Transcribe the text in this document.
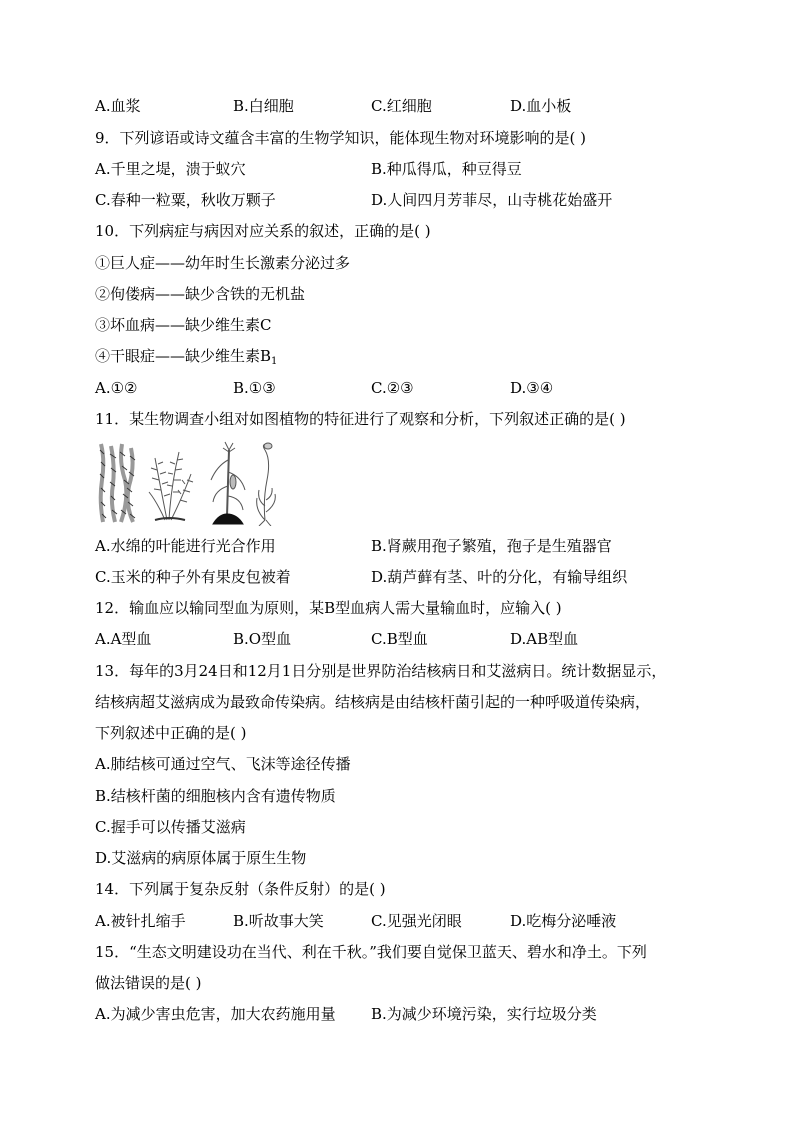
A.血浆	B.白细胞	C.红细胞	D.血小板
9．下列谚语或诗文蕴含丰富的生物学知识，能体现生物对环境影响的是( )
A.千里之堤，溃于蚁穴	B.种瓜得瓜，种豆得豆
C.春种一粒粟，秋收万颗子	D.人间四月芳菲尽，山寺桃花始盛开
10．下列病症与病因对应关系的叙述，正确的是( )
①巨人症——幼年时生长激素分泌过多
②佝偻病——缺少含铁的无机盐
③坏血病——缺少维生素C
④干眼症——缺少维生素$B_1$
A.①②	B.①③	C.②③	D.③④
11．某生物调查小组对如图植物的特征进行了观察和分析，下列叙述正确的是( )
A.水绵的叶能进行光合作用	B.肾蕨用孢子繁殖，孢子是生殖器官
C.玉米的种子外有果皮包被着	D.葫芦藓有茎、叶的分化，有输导组织
12．输血应以输同型血为原则，某B型血病人需大量输血时，应输入( )
A.A型血	B.O型血	C.B型血	D.AB型血
13．每年的3月24日和12月1日分别是世界防治结核病日和艾滋病日。统计数据显示，
结核病超艾滋病成为最致命传染病。结核病是由结核杆菌引起的一种呼吸道传染病，
下列叙述中正确的是( )
A.肺结核可通过空气、飞沫等途径传播
B.结核杆菌的细胞核内含有遗传物质
C.握手可以传播艾滋病
D.艾滋病的病原体属于原生生物
14．下列属于复杂反射（条件反射）的是( )
A.被针扎缩手	B.听故事大笑	C.见强光闭眼	D.吃梅分泌唾液
15．“生态文明建设功在当代、利在千秋。”我们要自觉保卫蓝天、碧水和净土。下列
做法错误的是( )
A.为减少害虫危害，加大农药施用量 B.为减少环境污染，实行垃圾分类
